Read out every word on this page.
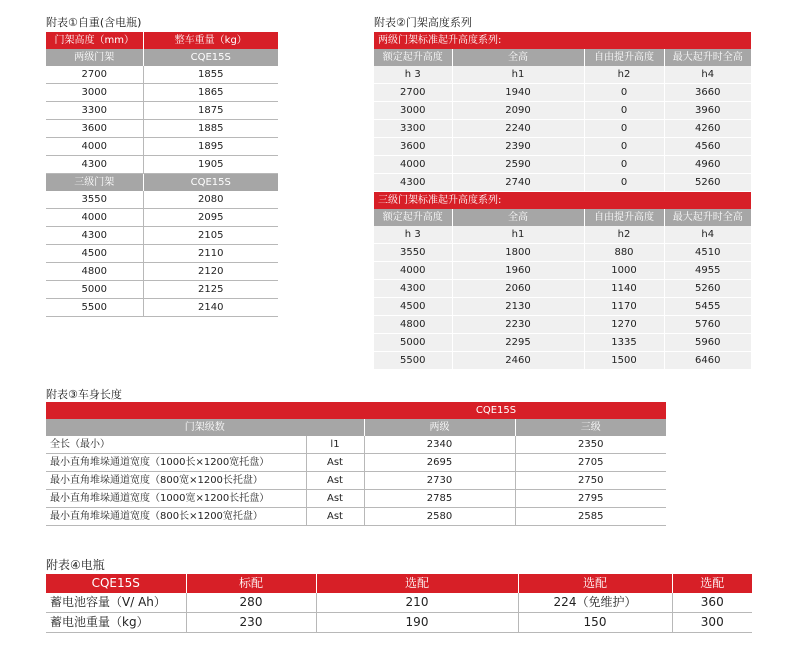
附表①自重(含电瓶)
门架高度（mm）	整车重量（kg）
两级门架	CQE15S
2700	1855
3000	1865
3300	1875
3600	1885
4000	1895
4300	1905
三级门架	CQE15S
3550	2080
4000	2095
4300	2105
4500	2110
4800	2120
5000	2125
5500	2140
附表②门架高度系列
两级门架标准起升高度系列:			
额定起升高度	全高	自由提升高度	最大起升时全高
h 3	h1	h2	h4
2700	1940	0	3660
3000	2090	0	3960
3300	2240	0	4260
3600	2390	0	4560
4000	2590	0	4960
4300	2740	0	5260
三级门架标准起升高度系列:			
额定起升高度	全高	自由提升高度	最大起升时全高
h 3	h1	h2	h4
3550	1800	880	4510
4000	1960	1000	4955
4300	2060	1140	5260
4500	2130	1170	5455
4800	2230	1270	5760
5000	2295	1335	5960
5500	2460	1500	6460
附表③车身长度
CQE15S			
门架级数		两级	三级
全长（最小）	l1	2340	2350
最小直角堆垛通道宽度（1000长×1200宽托盘）	Ast	2695	2705
最小直角堆垛通道宽度（800宽×1200长托盘）	Ast	2730	2750
最小直角堆垛通道宽度（1000宽×1200长托盘）	Ast	2785	2795
最小直角堆垛通道宽度（800长×1200宽托盘）	Ast	2580	2585
附表④电瓶
CQE15S	标配	选配	选配	选配
蓄电池容量（V/ Ah）	280	210	224（免维护）	360
蓄电池重量（kg）	230	190	150	300
